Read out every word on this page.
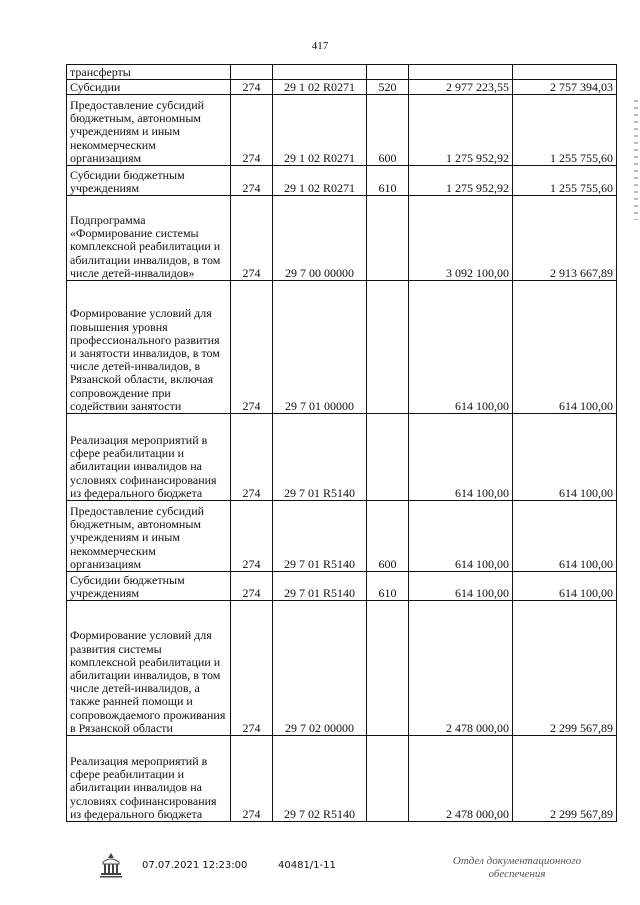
417
трансферты					
Субсидии	274	29 1 02 R0271	520	2 977 223,55	2 757 394,03
Предоставление субсидий бюджетным, автономным учреждениям и иным некоммерческим организациям	274	29 1 02 R0271	600	1 275 952,92	1 255 755,60
Субсидии бюджетным учреждениям	274	29 1 02 R0271	610	1 275 952,92	1 255 755,60
Подпрограмма «Формирование системы комплексной реабилитации и абилитации инвалидов, в том числе детей-инвалидов»	274	29 7 00 00000		3 092 100,00	2 913 667,89
Формирование условий для повышения уровня профессионального развития и занятости инвалидов, в том числе детей-инвалидов, в Рязанской области, включая сопровождение при содействии занятости	274	29 7 01 00000		614 100,00	614 100,00
Реализация мероприятий в сфере реабилитации и абилитации инвалидов на условиях софинансирования из федерального бюджета	274	29 7 01 R5140		614 100,00	614 100,00
Предоставление субсидий бюджетным, автономным учреждениям и иным некоммерческим организациям	274	29 7 01 R5140	600	614 100,00	614 100,00
Субсидии бюджетным учреждениям	274	29 7 01 R5140	610	614 100,00	614 100,00
Формирование условий для развития системы комплексной реабилитации и абилитации инвалидов, в том числе детей-инвалидов, а также ранней помощи и сопровождаемого проживания в Рязанской области	274	29 7 02 00000		2 478 000,00	2 299 567,89
Реализация мероприятий в сфере реабилитации и абилитации инвалидов на условиях софинансирования из федерального бюджета	274	29 7 02 R5140		2 478 000,00	2 299 567,89
07.07.2021 12:23:00	40481/1-11	Отдел документационного
обеспечения
